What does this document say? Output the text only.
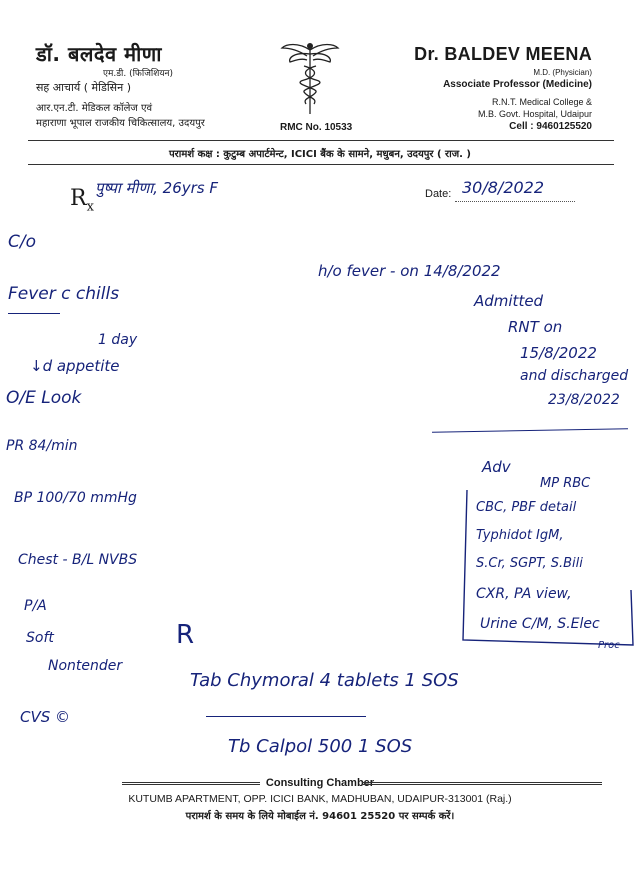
डॉ. बलदेव मीणा
एम.डी. (फिजिशियन)
सह आचार्य ( मेडिसिन )
आर.एन.टी. मेडिकल कॉलेज एवं
महाराणा भूपाल राजकीय चिकित्सालय, उदयपुर	RMC No. 10533
Dr. BALDEV MEENA
M.D. (Physician)
Associate Professor (Medicine)
R.N.T. Medical College &
M.B. Govt. Hospital, Udaipur
Cell : 9460125520
परामर्श कक्ष : कुटुम्ब अपार्टमेन्ट, ICICI बैंक के सामने, मधुबन, उदयपुर ( राज. )
$R_x$
Date:
पुष्पा मीणा, 26yrs F	30/8/2022
C/o
Fever c chills
1 day
↓d appetite
O/E Look
PR 84/min
BP 100/70 mmHg
Chest - B/L NVBS
P/A
Soft
Nontender
CVS ©
h/o fever - on 14/8/2022
Admitted
RNT on
15/8/2022
and discharged
23/8/2022
Adv
MP RBC
CBC, PBF detail
Typhidot IgM,
S.Cr, SGPT, S.Bili
CXR, PA view,
Urine C/M, S.Elec
Proc
R
Tab Chymoral 4 tablets 1 SOS
Tb Calpol 500 1 SOS
Consulting Chamber
KUTUMB APARTMENT, OPP. ICICI BANK, MADHUBAN, UDAIPUR-313001 (Raj.)
परामर्श के समय के लिये मोबाईल नं. 94601 25520 पर सम्पर्क करें।
